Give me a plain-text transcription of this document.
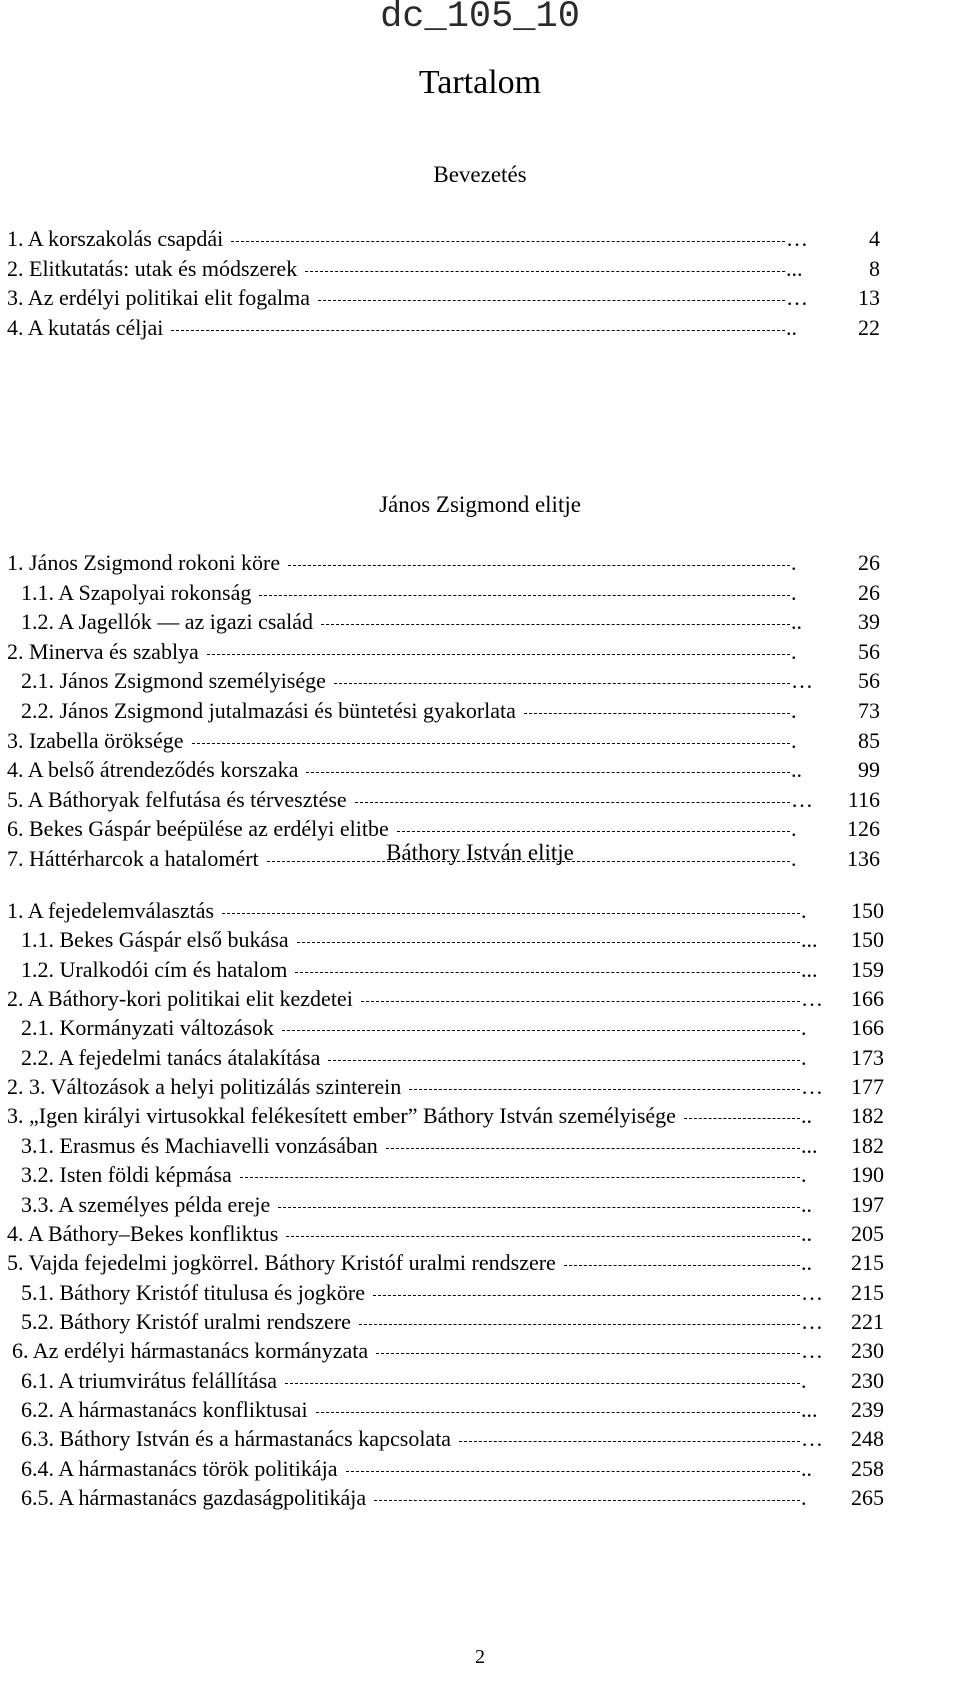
dc_105_10
Tartalom
Bevezetés
János Zsigmond elitje
Báthory István elitje
1. A korszakolás csapdái	…	4
2. Elitkutatás: utak és módszerek	...	8
3. Az erdélyi politikai elit fogalma	…	13
4. A kutatás céljai	..	22
1. János Zsigmond rokoni köre	.	26
1.1. A Szapolyai rokonság	.	26
1.2. A Jagellók — az igazi család	..	39
2. Minerva és szablya	.	56
2.1. János Zsigmond személyisége	…	56
2.2. János Zsigmond jutalmazási és büntetési gyakorlata	.	73
3. Izabella öröksége	.	85
4. A belső átrendeződés korszaka	..	99
5. A Báthoryak felfutása és térvesztése	…	116
6. Bekes Gáspár beépülése az erdélyi elitbe	.	126
7. Háttérharcok a hatalomért	.	136
1. A fejedelemválasztás	.	150
1.1. Bekes Gáspár első bukása	...	150
1.2. Uralkodói cím és hatalom	...	159
2. A Báthory-kori politikai elit kezdetei	…	166
2.1. Kormányzati változások	.	166
2.2. A fejedelmi tanács átalakítása	.	173
2. 3. Változások a helyi politizálás szinterein	…	177
3. „Igen királyi virtusokkal felékesített ember” Báthory István személyisége	..	182
3.1. Erasmus és Machiavelli vonzásában	...	182
3.2. Isten földi képmása	.	190
3.3. A személyes példa ereje	..	197
4. A Báthory–Bekes konfliktus	..	205
5. Vajda fejedelmi jogkörrel. Báthory Kristóf uralmi rendszere	..	215
5.1. Báthory Kristóf titulusa és jogköre	…	215
5.2. Báthory Kristóf uralmi rendszere	…	221
6. Az erdélyi hármastanács kormányzata	…	230
6.1. A triumvirátus felállítása	.	230
6.2. A hármastanács konfliktusai	...	239
6.3. Báthory István és a hármastanács kapcsolata	…	248
6.4. A hármastanács török politikája	..	258
6.5. A hármastanács gazdaságpolitikája	.	265
2
